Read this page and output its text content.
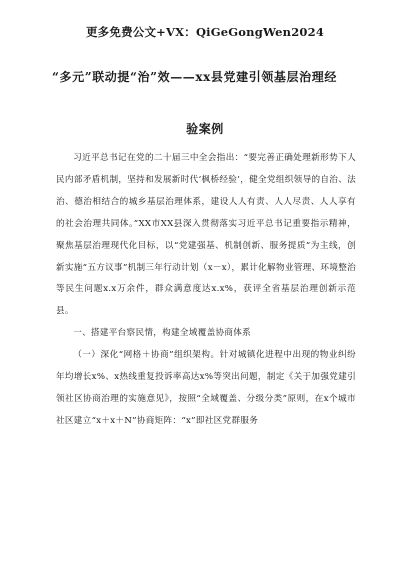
更多免费公文+VX：QiGeGongWen2024
“多元”联动提“治”效——xx县党建引领基层治理经
验案例

习近平总书记在党的二十届三中全会指出：“要完善正确处理新形势下人民内部矛盾机制，坚持和发展新时代‘枫桥经验’，健全党组织领导的自治、法治、德治相结合的城乡基层治理体系，建设人人有责、人人尽责、人人享有的社会治理共同体。”XX市XX县深入贯彻落实习近平总书记重要指示精神，聚焦基层治理现代化目标，以“党建强基、机制创新、服务提质”为主线，创新实施“五方议事”机制三年行动计划（x－x），累计化解物业管理、环境整治等民生问题x.x万余件，群众满意度达x.x%，获评全省基层治理创新示范县。

一、搭建平台察民情，构建全域覆盖协商体系

（一）深化“网格＋协商”组织架构。针对城镇化进程中出现的物业纠纷年均增长x%、x热线重复投诉率高达x%等突出问题，制定《关于加强党建引领社区协商治理的实施意见》，按照“全域覆盖、分级分类”原则，在x个城市社区建立“x＋x＋N”协商矩阵：“x”即社区党群服务
